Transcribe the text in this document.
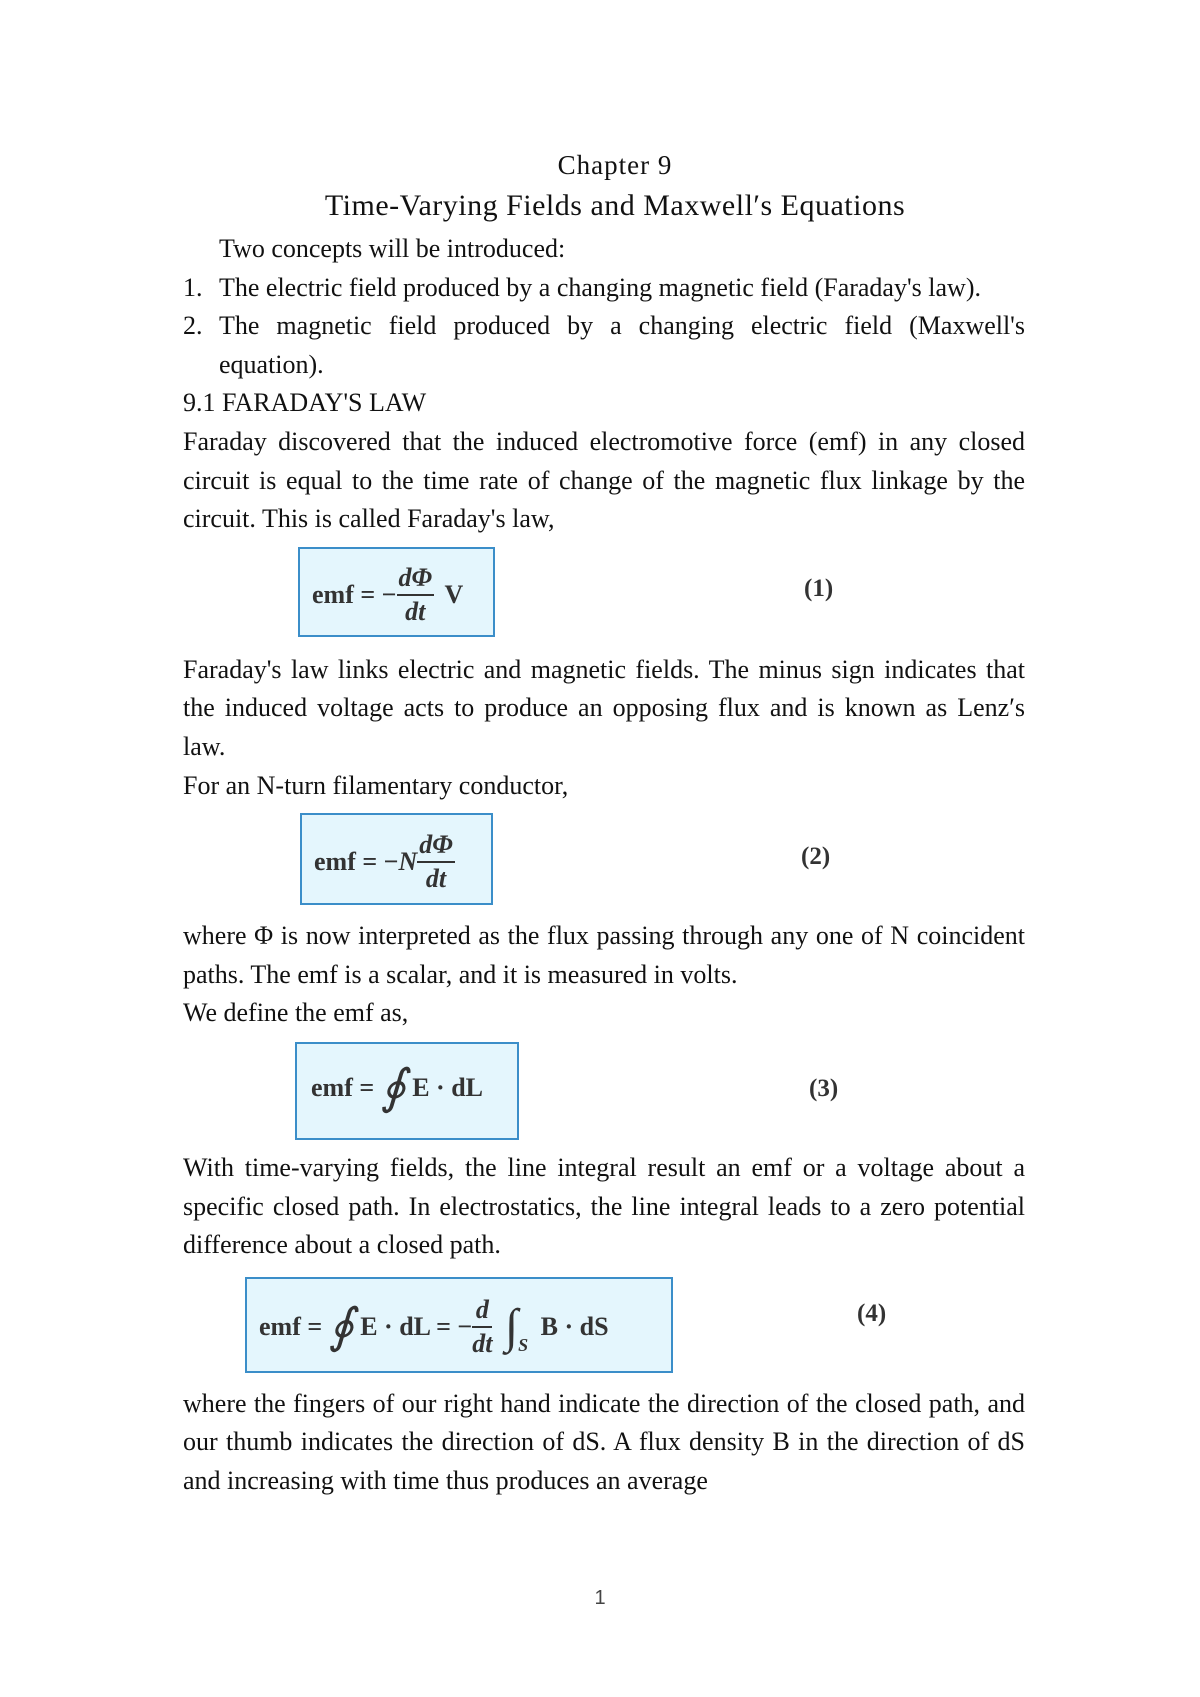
Chapter 9
Time-Varying Fields and Maxwell′s Equations

Two concepts will be introduced:

1. The electric field produced by a changing magnetic field (Faraday's law).
2. The magnetic field produced by a changing electric field (Maxwell's equation).

9.1 FARADAY'S LAW

Faraday discovered that the induced electromotive force (emf) in any closed circuit is equal to the time rate of change of the magnetic flux linkage by the circuit. This is called Faraday's law,

emf = − $\frac{d\Phi}{dt}$ V	(1)

Faraday's law links electric and magnetic fields. The minus sign indicates that the induced voltage acts to produce an opposing flux and is known as Lenz′s law.

For an N-turn filamentary conductor,

emf = $-N \frac{d\Phi}{dt}$	(2)

where Φ is now interpreted as the flux passing through any one of N coincident paths. The emf is a scalar, and it is measured in volts.

We define the emf as,

emf = ∮ E · dL	(3)

With time-varying fields, the line integral result an emf or a voltage about a specific closed path. In electrostatics, the line integral leads to a zero potential difference about a closed path.

emf = ∮ E · dL = − $\frac{d}{dt} \int_S$ B · dS	(4)

where the fingers of our right hand indicate the direction of the closed path, and our thumb indicates the direction of dS. A flux density B in the direction of dS and increasing with time thus produces an average

1
